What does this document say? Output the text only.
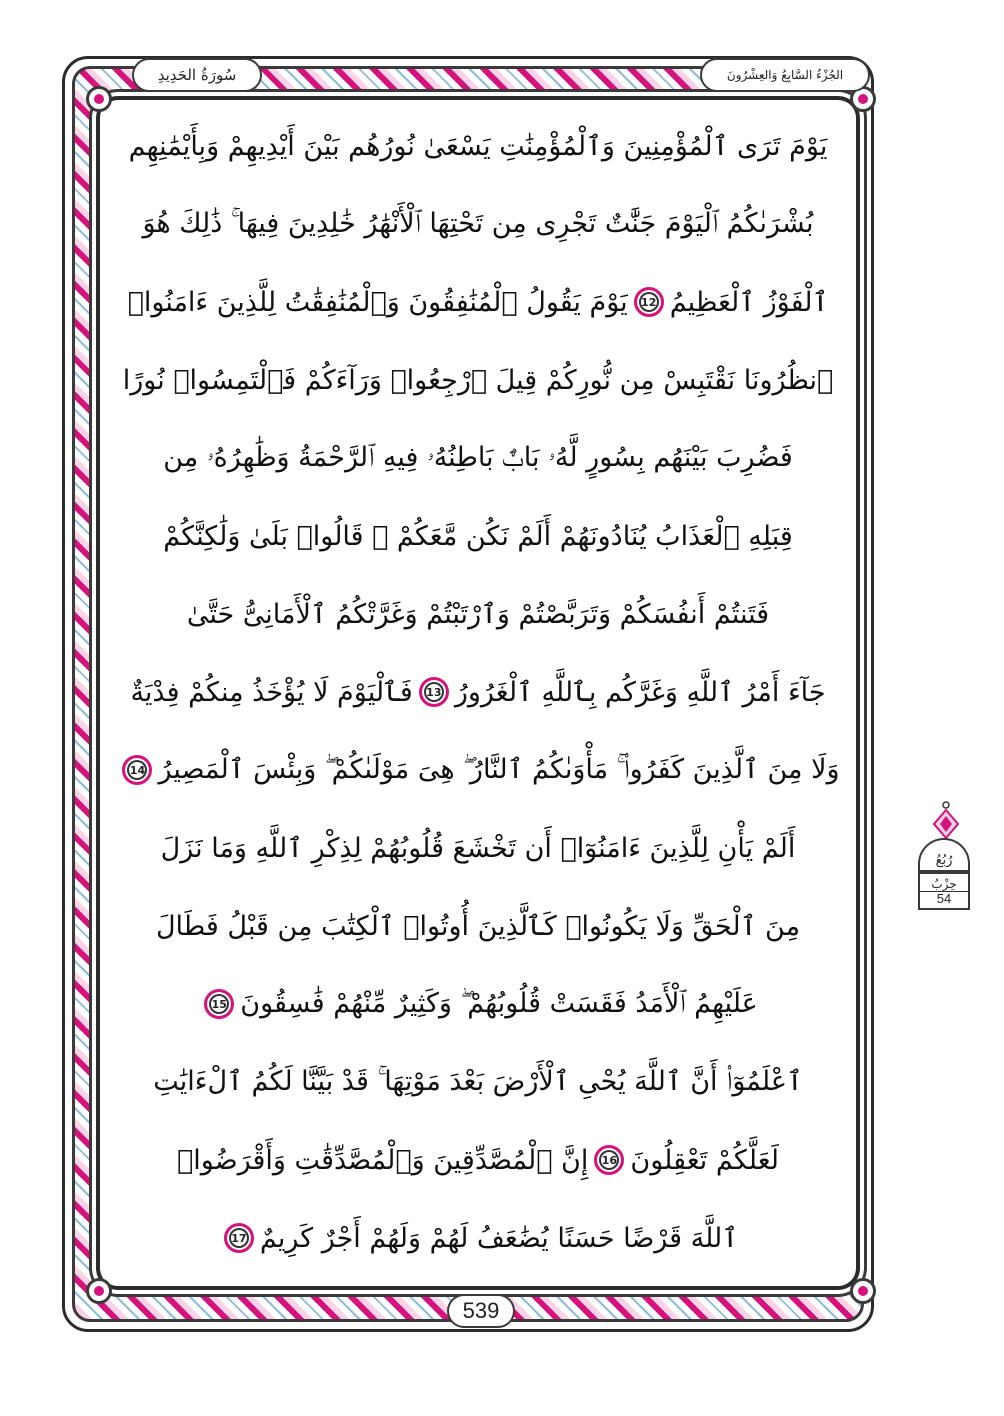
الجُزْءُ السَّابِعُ وَالعِشْرُونَ
سُورَةُ الحَدِيدِ
يَوْمَ تَرَى ٱلْمُؤْمِنِينَ وَٱلْمُؤْمِنَٰتِ يَسْعَىٰ نُورُهُم بَيْنَ أَيْدِيهِمْ وَبِأَيْمَٰنِهِم
بُشْرَىٰكُمُ ٱلْيَوْمَ جَنَّٰتٌ تَجْرِى مِن تَحْتِهَا ٱلْأَنْهَٰرُ خَٰلِدِينَ فِيهَا ۚ ذَٰلِكَ هُوَ
ٱلْفَوْزُ ٱلْعَظِيمُ
12
يَوْمَ يَقُولُ ٱلْمُنَٰفِقُونَ وَٱلْمُنَٰفِقَٰتُ لِلَّذِينَ ءَامَنُوا۟
ٱنظُرُونَا نَقْتَبِسْ مِن نُّورِكُمْ قِيلَ ٱرْجِعُوا۟ وَرَآءَكُمْ فَٱلْتَمِسُوا۟ نُورًا
فَضُرِبَ بَيْنَهُم بِسُورٍ لَّهُۥ بَابٌۢ بَاطِنُهُۥ فِيهِ ٱلرَّحْمَةُ وَظَٰهِرُهُۥ مِن
قِبَلِهِ ٱلْعَذَابُ يُنَادُونَهُمْ أَلَمْ نَكُن مَّعَكُمْ ۖ قَالُوا۟ بَلَىٰ وَلَٰكِنَّكُمْ
فَتَنتُمْ أَنفُسَكُمْ وَتَرَبَّصْتُمْ وَٱرْتَبْتُمْ وَغَرَّتْكُمُ ٱلْأَمَانِىُّ حَتَّىٰ
جَآءَ أَمْرُ ٱللَّهِ وَغَرَّكُم بِٱللَّهِ ٱلْغَرُورُ
13
فَٱلْيَوْمَ لَا يُؤْخَذُ مِنكُمْ فِدْيَةٌ
وَلَا مِنَ ٱلَّذِينَ كَفَرُوا۟ ۚ مَأْوَىٰكُمُ ٱلنَّارُ ۖ هِىَ مَوْلَىٰكُمْ ۖ وَبِئْسَ ٱلْمَصِيرُ
14
أَلَمْ يَأْنِ لِلَّذِينَ ءَامَنُوٓا۟ أَن تَخْشَعَ قُلُوبُهُمْ لِذِكْرِ ٱللَّهِ وَمَا نَزَلَ
مِنَ ٱلْحَقِّ وَلَا يَكُونُوا۟ كَٱلَّذِينَ أُوتُوا۟ ٱلْكِتَٰبَ مِن قَبْلُ فَطَالَ
عَلَيْهِمُ ٱلْأَمَدُ فَقَسَتْ قُلُوبُهُمْ ۖ وَكَثِيرٌ مِّنْهُمْ فَٰسِقُونَ
15
ٱعْلَمُوٓا۟ أَنَّ ٱللَّهَ يُحْىِ ٱلْأَرْضَ بَعْدَ مَوْتِهَا ۚ قَدْ بَيَّنَّا لَكُمُ ٱلْءَايَٰتِ
لَعَلَّكُمْ تَعْقِلُونَ
16
إِنَّ ٱلْمُصَّدِّقِينَ وَٱلْمُصَّدِّقَٰتِ وَأَقْرَضُوا۟
ٱللَّهَ قَرْضًا حَسَنًا يُضَٰعَفُ لَهُمْ وَلَهُمْ أَجْرٌ كَرِيمٌ
17
539
رُبُعُ
حِزْبُ
54
